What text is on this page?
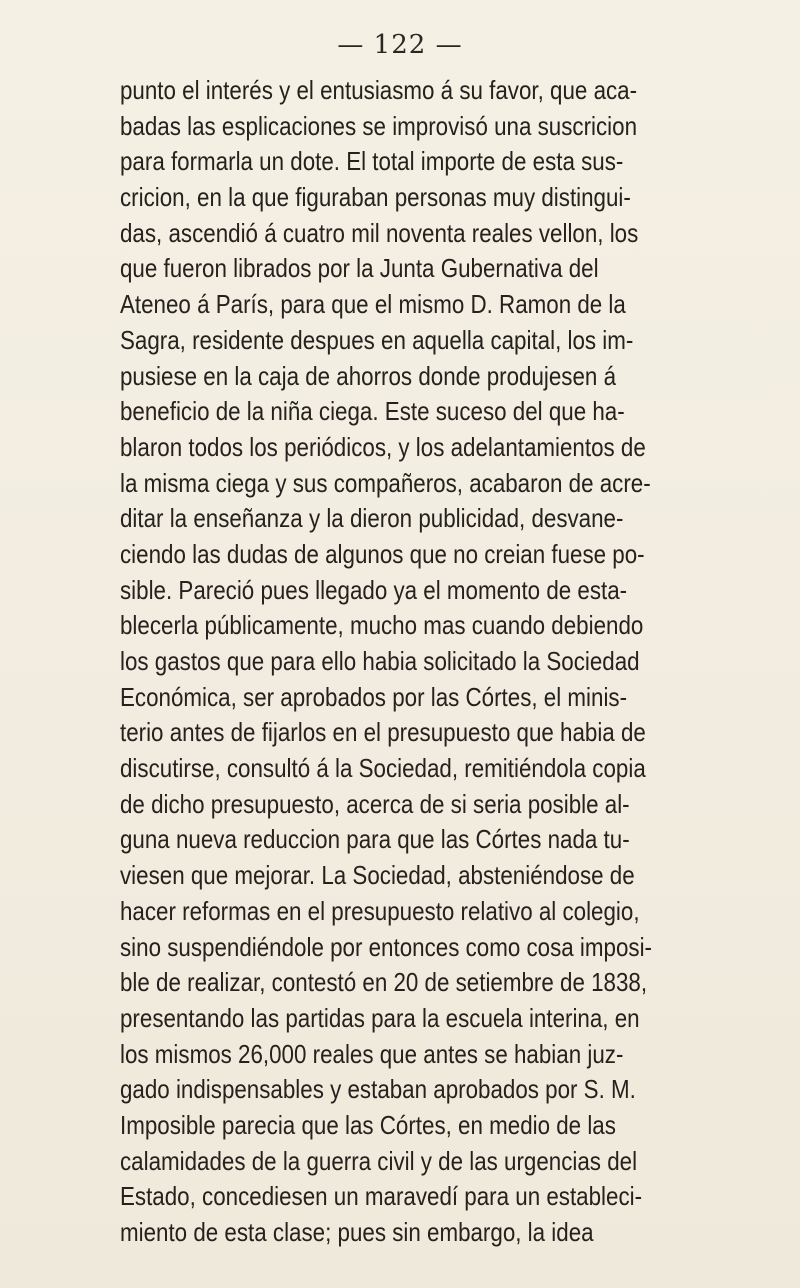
— 122 —
punto el interés y el entusiasmo á su favor, que aca-
badas las esplicaciones se improvisó una suscricion
para formarla un dote. El total importe de esta sus-
cricion, en la que figuraban personas muy distingui-
das, ascendió á cuatro mil noventa reales vellon, los
que fueron librados por la Junta Gubernativa del
Ateneo á París, para que el mismo D. Ramon de la
Sagra, residente despues en aquella capital, los im-
pusiese en la caja de ahorros donde produjesen á
beneficio de la niña ciega. Este suceso del que ha-
blaron todos los periódicos, y los adelantamientos de
la misma ciega y sus compañeros, acabaron de acre-
ditar la enseñanza y la dieron publicidad, desvane-
ciendo las dudas de algunos que no creian fuese po-
sible. Pareció pues llegado ya el momento de esta-
blecerla públicamente, mucho mas cuando debiendo
los gastos que para ello habia solicitado la Sociedad
Económica, ser aprobados por las Córtes, el minis-
terio antes de fijarlos en el presupuesto que habia de
discutirse, consultó á la Sociedad, remitiéndola copia
de dicho presupuesto, acerca de si seria posible al-
guna nueva reduccion para que las Córtes nada tu-
viesen que mejorar. La Sociedad, absteniéndose de
hacer reformas en el presupuesto relativo al colegio,
sino suspendiéndole por entonces como cosa imposi-
ble de realizar, contestó en 20 de setiembre de 1838,
presentando las partidas para la escuela interina, en
los mismos 26,000 reales que antes se habian juz-
gado indispensables y estaban aprobados por S. M.
Imposible parecia que las Córtes, en medio de las
calamidades de la guerra civil y de las urgencias del
Estado, concediesen un maravedí para un estableci-
miento de esta clase; pues sin embargo, la idea
